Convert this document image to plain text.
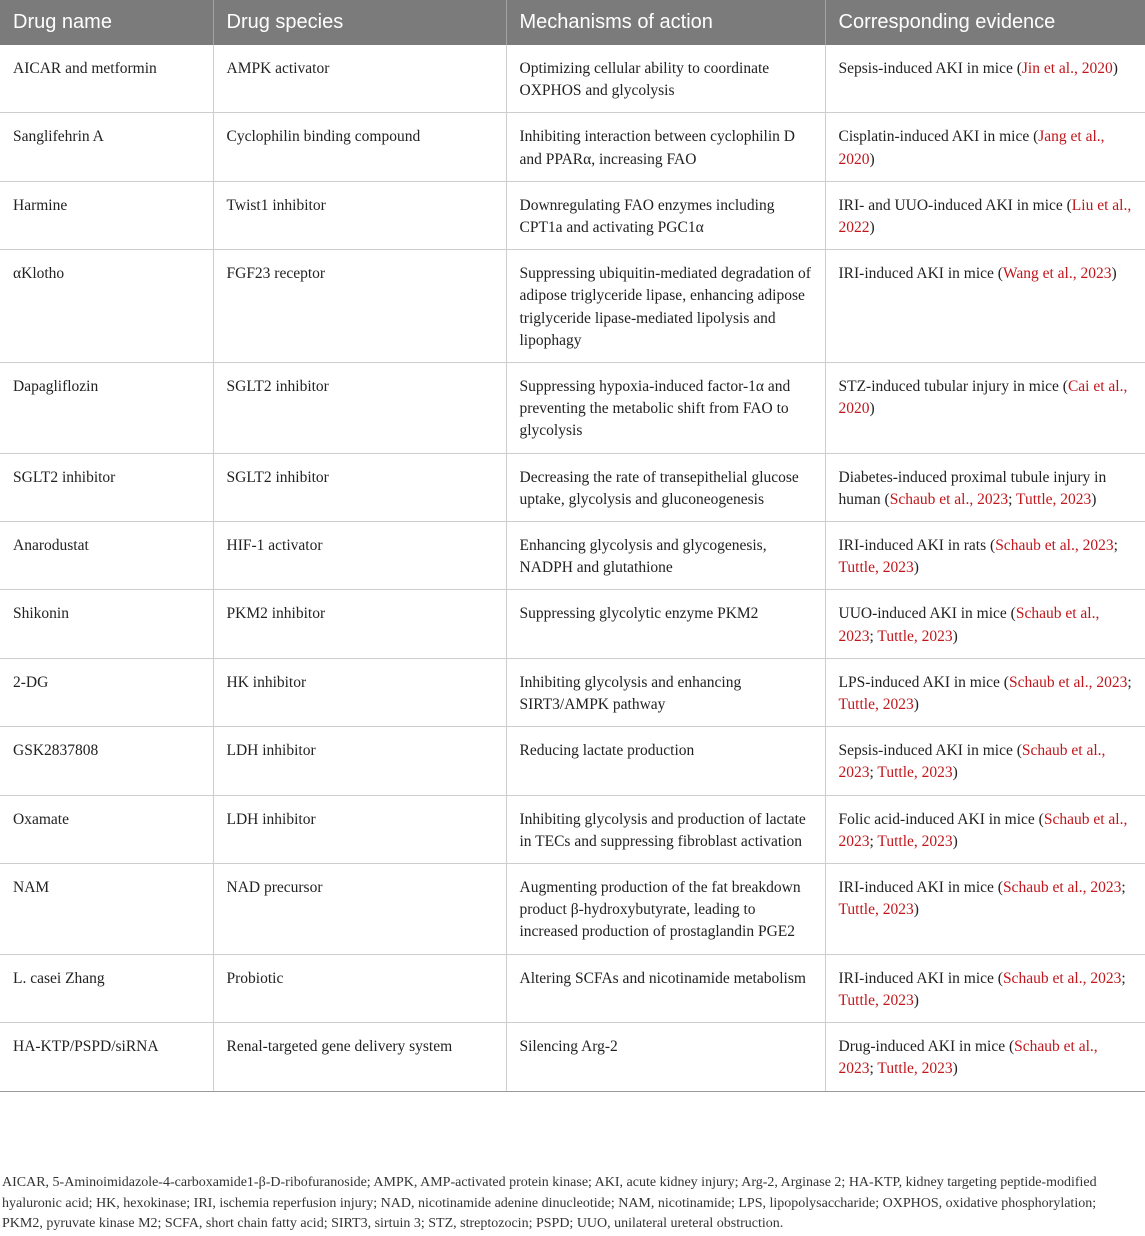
Drug name	Drug species	Mechanisms of action	Corresponding evidence
AICAR and metformin	AMPK activator	Optimizing cellular ability to coordinate OXPHOS and glycolysis	Sepsis-induced AKI in mice (Jin et al., 2020)
Sanglifehrin A	Cyclophilin binding compound	Inhibiting interaction between cyclophilin D and PPARα, increasing FAO	Cisplatin-induced AKI in mice (Jang et al., 2020)
Harmine	Twist1 inhibitor	Downregulating FAO enzymes including CPT1a and activating PGC1α	IRI- and UUO-induced AKI in mice (Liu et al., 2022)
αKlotho	FGF23 receptor	Suppressing ubiquitin-mediated degradation of adipose triglyceride lipase, enhancing adipose triglyceride lipase-mediated lipolysis and lipophagy	IRI-induced AKI in mice (Wang et al., 2023)
Dapagliflozin	SGLT2 inhibitor	Suppressing hypoxia-induced factor-1α and preventing the metabolic shift from FAO to glycolysis	STZ-induced tubular injury in mice (Cai et al., 2020)
SGLT2 inhibitor	SGLT2 inhibitor	Decreasing the rate of transepithelial glucose uptake, glycolysis and gluconeogenesis	Diabetes-induced proximal tubule injury in human (Schaub et al., 2023; Tuttle, 2023)
Anarodustat	HIF-1 activator	Enhancing glycolysis and glycogenesis, NADPH and glutathione	IRI-induced AKI in rats (Schaub et al., 2023; Tuttle, 2023)
Shikonin	PKM2 inhibitor	Suppressing glycolytic enzyme PKM2	UUO-induced AKI in mice (Schaub et al., 2023; Tuttle, 2023)
2-DG	HK inhibitor	Inhibiting glycolysis and enhancing SIRT3/AMPK pathway	LPS-induced AKI in mice (Schaub et al., 2023; Tuttle, 2023)
GSK2837808	LDH inhibitor	Reducing lactate production	Sepsis-induced AKI in mice (Schaub et al., 2023; Tuttle, 2023)
Oxamate	LDH inhibitor	Inhibiting glycolysis and production of lactate in TECs and suppressing fibroblast activation	Folic acid-induced AKI in mice (Schaub et al., 2023; Tuttle, 2023)
NAM	NAD precursor	Augmenting production of the fat breakdown product β-hydroxybutyrate, leading to increased production of prostaglandin PGE2	IRI-induced AKI in mice (Schaub et al., 2023; Tuttle, 2023)
L. casei Zhang	Probiotic	Altering SCFAs and nicotinamide metabolism	IRI-induced AKI in mice (Schaub et al., 2023; Tuttle, 2023)
HA-KTP/PSPD/siRNA	Renal-targeted gene delivery system	Silencing Arg-2	Drug-induced AKI in mice (Schaub et al., 2023; Tuttle, 2023)

AICAR, 5-Aminoimidazole-4-carboxamide1-β-D-ribofuranoside; AMPK, AMP-activated protein kinase; AKI, acute kidney injury; Arg-2, Arginase 2; HA-KTP, kidney targeting peptide-modified hyaluronic acid; HK, hexokinase; IRI, ischemia reperfusion injury; NAD, nicotinamide adenine dinucleotide; NAM, nicotinamide; LPS, lipopolysaccharide; OXPHOS, oxidative phosphorylation; PKM2, pyruvate kinase M2; SCFA, short chain fatty acid; SIRT3, sirtuin 3; STZ, streptozocin; PSPD; UUO, unilateral ureteral obstruction.
